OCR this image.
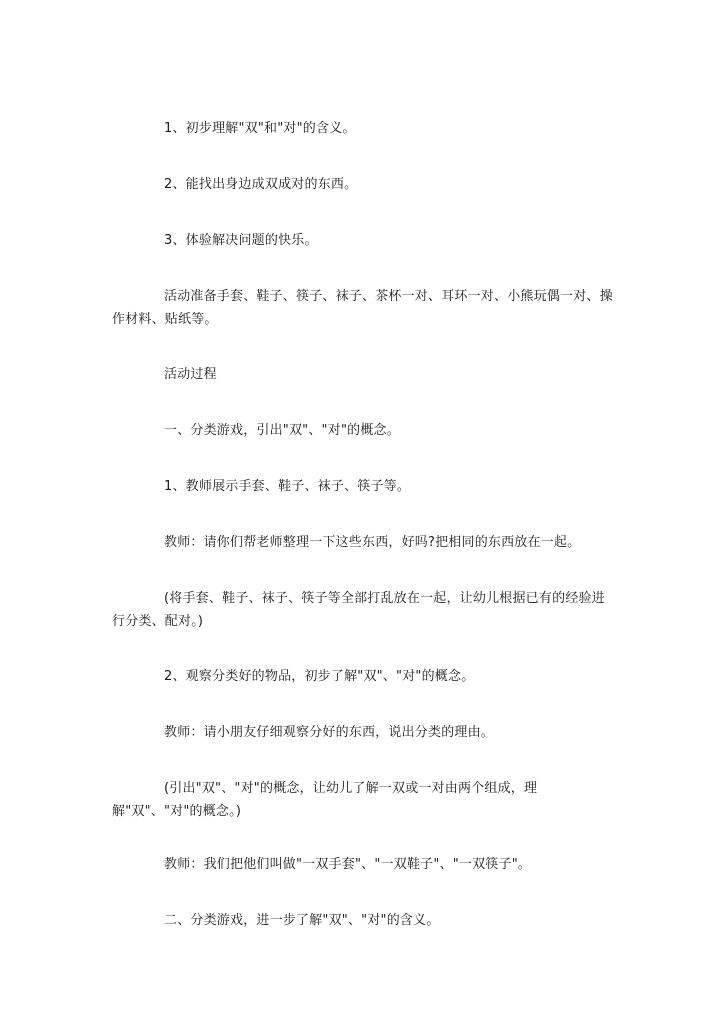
1、初步理解"双"和"对"的含义。

2、能找出身边成双成对的东西。

3、体验解决问题的快乐。

活动准备手套、鞋子、筷子、袜子、茶杯一对、耳环一对、小熊玩偶一对、操作材料、贴纸等。

活动过程

一、分类游戏，引出"双"、"对"的概念。

1、教师展示手套、鞋子、袜子、筷子等。

教师：请你们帮老师整理一下这些东西，好吗?把相同的东西放在一起。

(将手套、鞋子、袜子、筷子等全部打乱放在一起，让幼儿根据已有的经验进行分类、配对。)

2、观察分类好的物品，初步了解"双"、"对"的概念。

教师：请小朋友仔细观察分好的东西，说出分类的理由。

(引出"双"、"对"的概念，让幼儿了解一双或一对由两个组成，理解"双"、"对"的概念。)

教师：我们把他们叫做"一双手套"、"一双鞋子"、"一双筷子"。

二、分类游戏，进一步了解"双"、"对"的含义。
